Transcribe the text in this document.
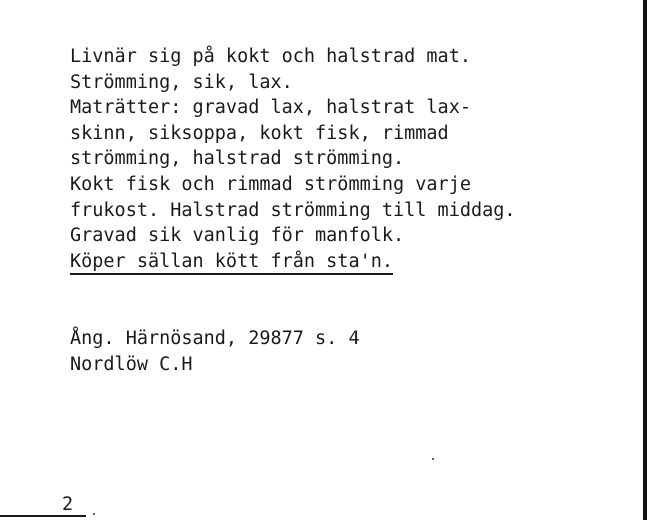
Livnär sig på kokt och halstrad mat.
Strömming, sik, lax.
Maträtter: gravad lax, halstrat lax-
skinn, siksoppa, kokt fisk, rimmad
strömming, halstrad strömming.
Kokt fisk och rimmad strömming varje
frukost. Halstrad strömming till middag.
Gravad sik vanlig för manfolk.
Köper sällan kött från sta'n.
Ång. Härnösand, 29877 s. 4
Nordlöw C.H
2
